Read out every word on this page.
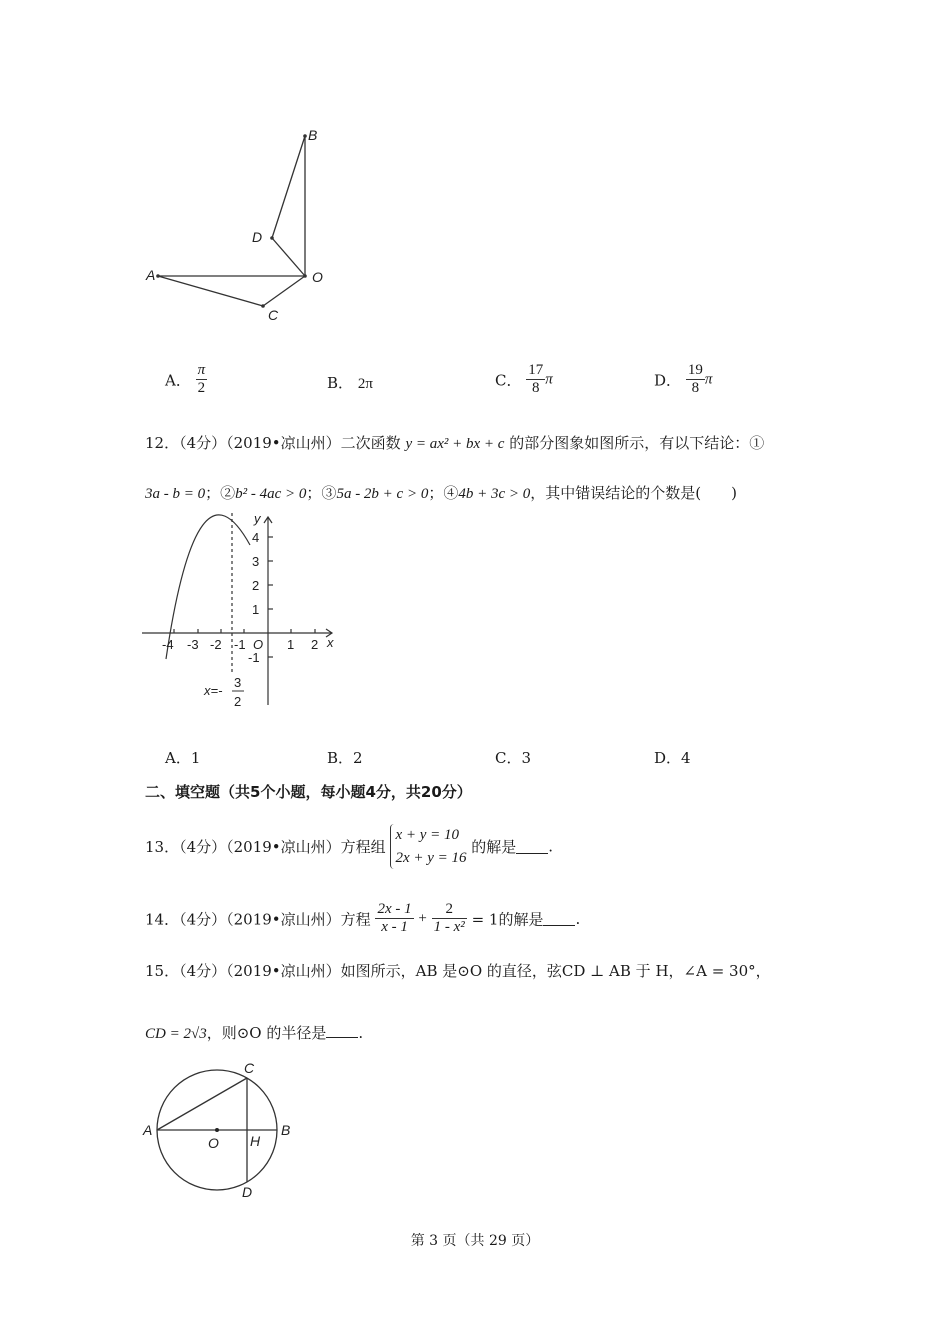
B
D
O
A
C
A． $\frac{\pi}{2}$	B． 2π	C． $\frac{17}{8}$ π	D． $\frac{19}{8}$ π
12．（4分）（2019•凉山州）二次函数 y = ax² + bx + c 的部分图象如图所示，有以下结论：①
3a - b = 0；②b² - 4ac > 0；③5a - 2b + c > 0；④4b + 3c > 0，其中错误结论的个数是(　　)
y
x
O
-4 -3 -2 -1	1 2
4
3
2
1
-1
x=-
3
2
A．1	B．2	C．3	D．4
二、填空题（共5个小题，每小题4分，共20分）
13．（4分）（2019•凉山州）方程组
x + y = 10
2x + y = 16
的解是 .
14．（4分）（2019•凉山州）方程 $\frac{2x - 1}{x - 1} + \frac{2}{\text{1 - x²}} = 1$的解是 .
15．（4分）（2019•凉山州）如图所示，AB 是⊙O 的直径，弦CD ⊥ AB 于 H，∠A = 30°，
CD = 2√3，则⊙O 的半径是 .
C
A
O H
B
D
第 3 页（共 29 页）
